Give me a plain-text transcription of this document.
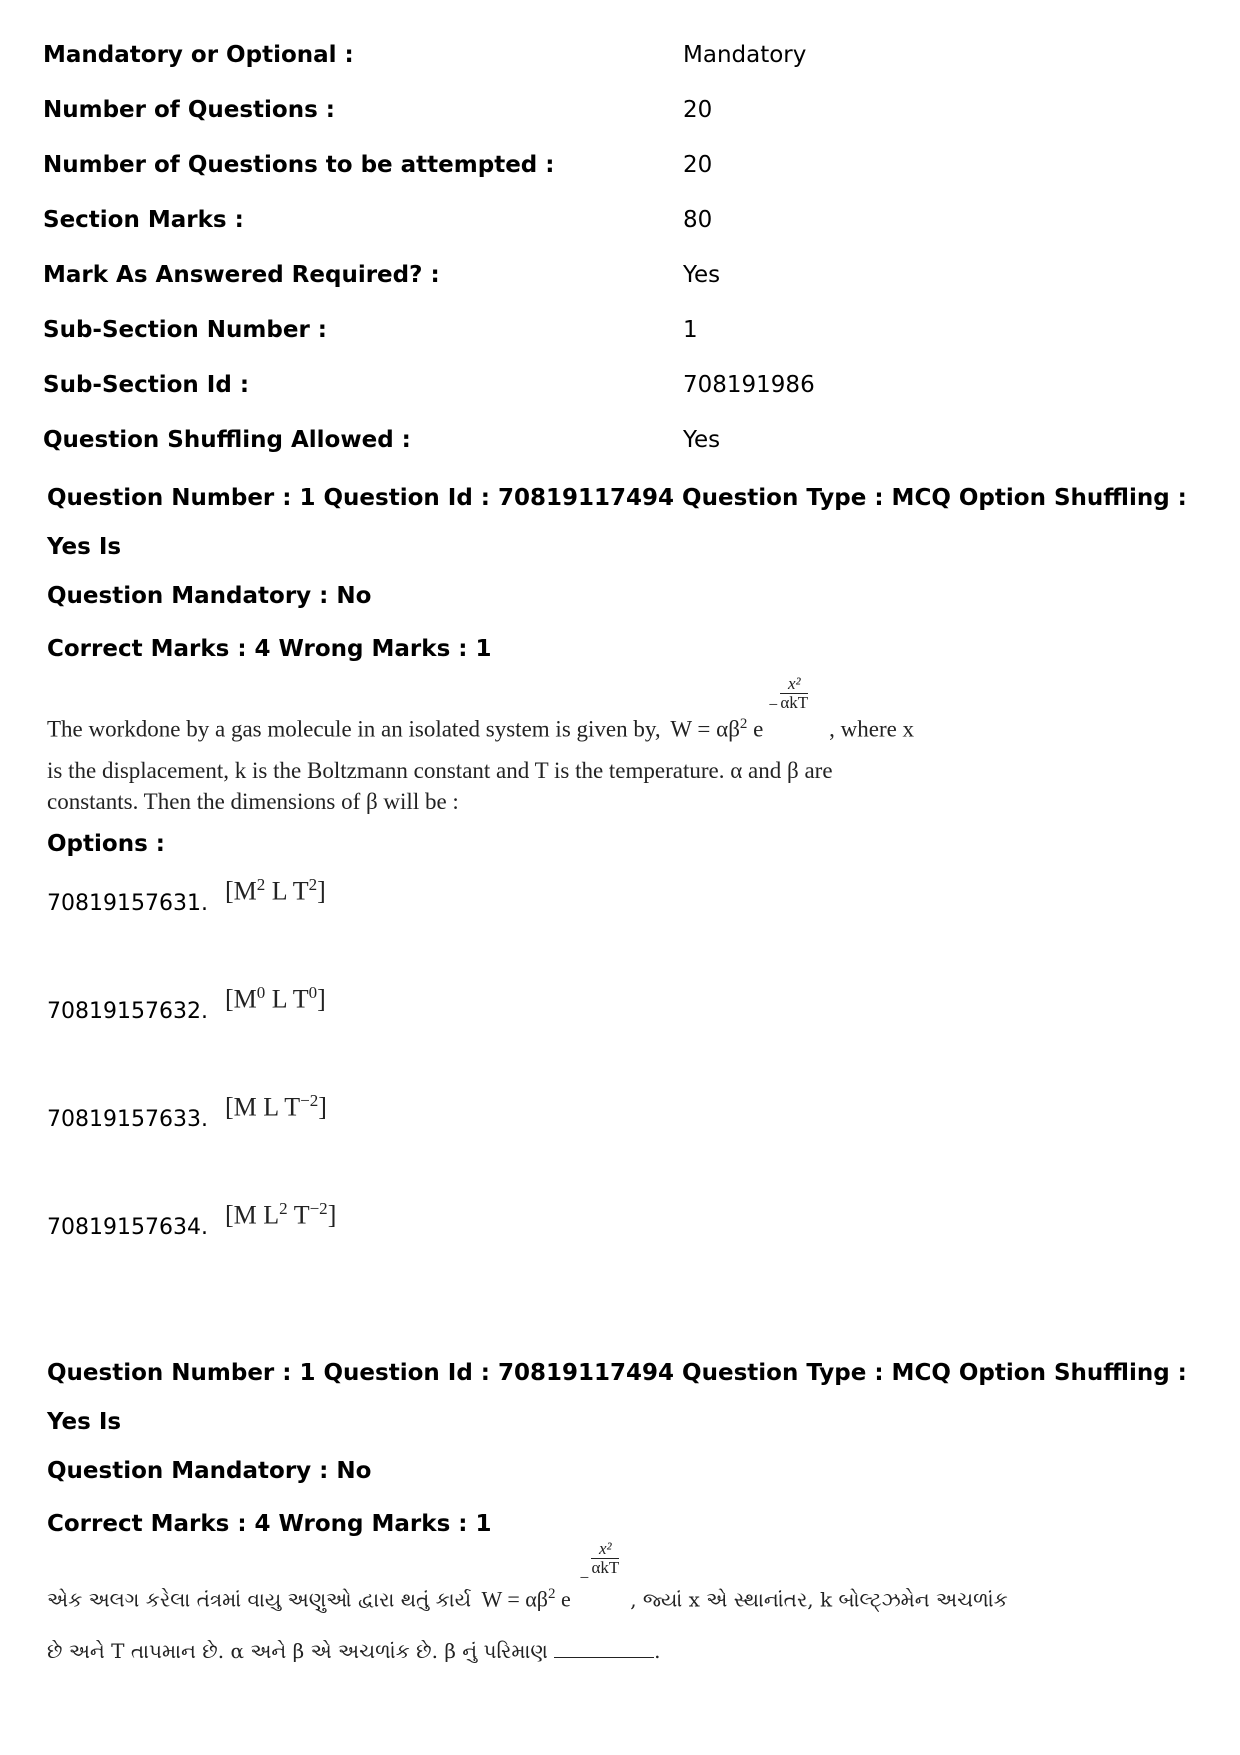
Mandatory or Optional :	Mandatory
Number of Questions :	20
Number of Questions to be attempted :	20
Section Marks :	80
Mark As Answered Required? :	Yes
Sub-Section Number :	1
Sub-Section Id :	708191986
Question Shuffling Allowed :	Yes
Question Number : 1 Question Id : 70819117494 Question Type : MCQ Option Shuffling : Yes Is
Question Mandatory : No
Correct Marks : 4 Wrong Marks : 1
The workdone by a gas molecule in an isolated system is given by, $W = \alpha\beta^2$ e
−
x²
αkT
, where x
is the displacement, k is the Boltzmann constant and T is the temperature. α and β are
constants. Then the dimensions of β will be :
Options :
70819157631. [$M^2$ L $T^2$]
70819157632. [$M^0$ L $T^0$]
70819157633. [M L $T^{-2}$]
70819157634. [M $L^2$ $T^{-2}$]
Question Number : 1 Question Id : 70819117494 Question Type : MCQ Option Shuffling : Yes Is
Question Mandatory : No
Correct Marks : 4 Wrong Marks : 1
એક અલગ કરેલા તંત્રમાં વાયુ અણુઓ દ્વારા થતું કાર્ય $W = \alpha\beta^2$ e
−
x²
αkT
, જ્યાં x એ સ્થાનાંતર, k બોલ્ટ્ઝમેન અચળાંક
છે અને T તાપમાન છે. α અને β એ અચળાંક છે. β નું પરિમાણ	.
